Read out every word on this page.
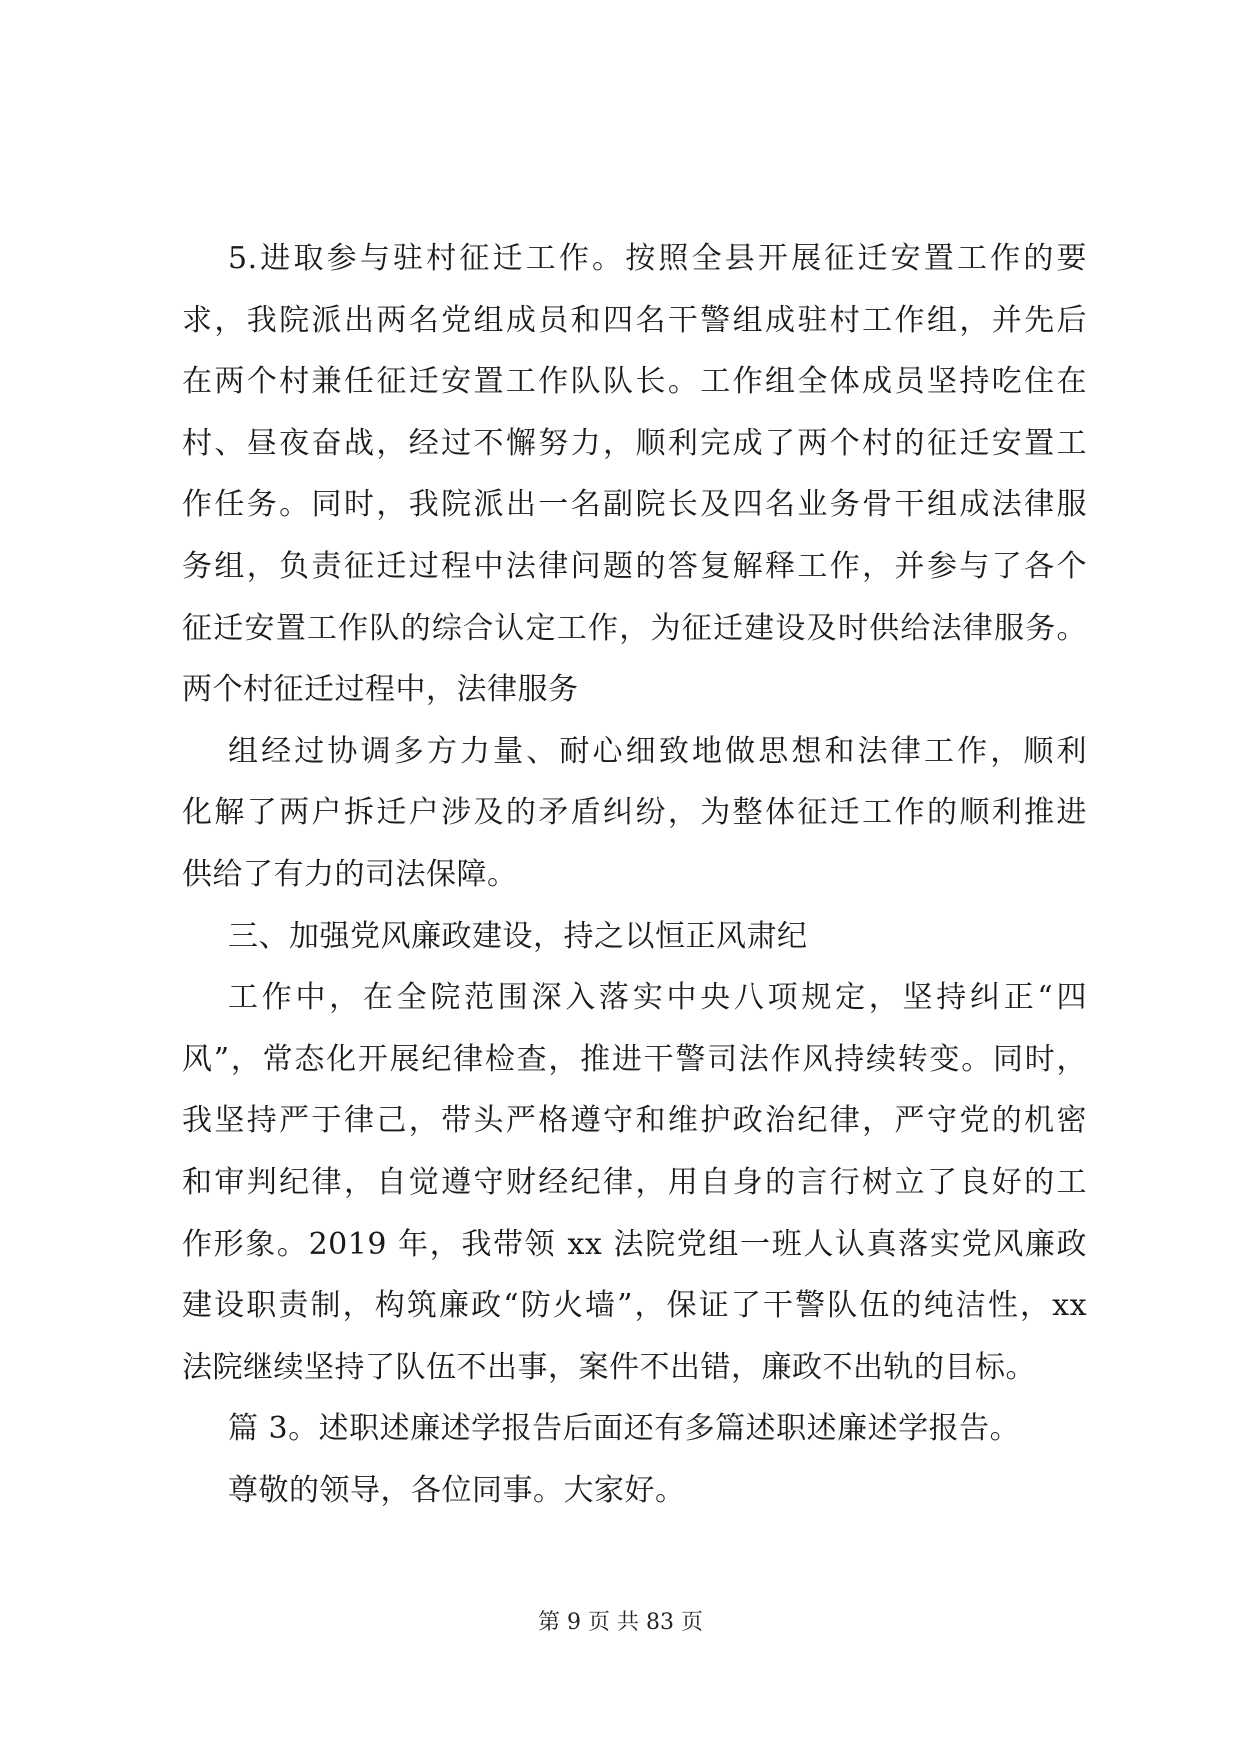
5.进取参与驻村征迁工作。按照全县开展征迁安置工作的要
求，我院派出两名党组成员和四名干警组成驻村工作组，并先后
在两个村兼任征迁安置工作队队长。工作组全体成员坚持吃住在
村、昼夜奋战，经过不懈努力，顺利完成了两个村的征迁安置工
作任务。同时，我院派出一名副院长及四名业务骨干组成法律服
务组，负责征迁过程中法律问题的答复解释工作，并参与了各个
征迁安置工作队的综合认定工作，为征迁建设及时供给法律服务。
两个村征迁过程中，法律服务
组经过协调多方力量、耐心细致地做思想和法律工作，顺利
化解了两户拆迁户涉及的矛盾纠纷，为整体征迁工作的顺利推进
供给了有力的司法保障。
三、加强党风廉政建设，持之以恒正风肃纪
工作中，在全院范围深入落实中央八项规定，坚持纠正“四
风”，常态化开展纪律检查，推进干警司法作风持续转变。同时，
我坚持严于律己，带头严格遵守和维护政治纪律，严守党的机密
和审判纪律，自觉遵守财经纪律，用自身的言行树立了良好的工
作形象。2019 年，我带领 xx 法院党组一班人认真落实党风廉政
建设职责制，构筑廉政“防火墙”，保证了干警队伍的纯洁性，xx
法院继续坚持了队伍不出事，案件不出错，廉政不出轨的目标。
篇 3。述职述廉述学报告后面还有多篇述职述廉述学报告。
尊敬的领导，各位同事。大家好。
第 9 页 共 83 页
